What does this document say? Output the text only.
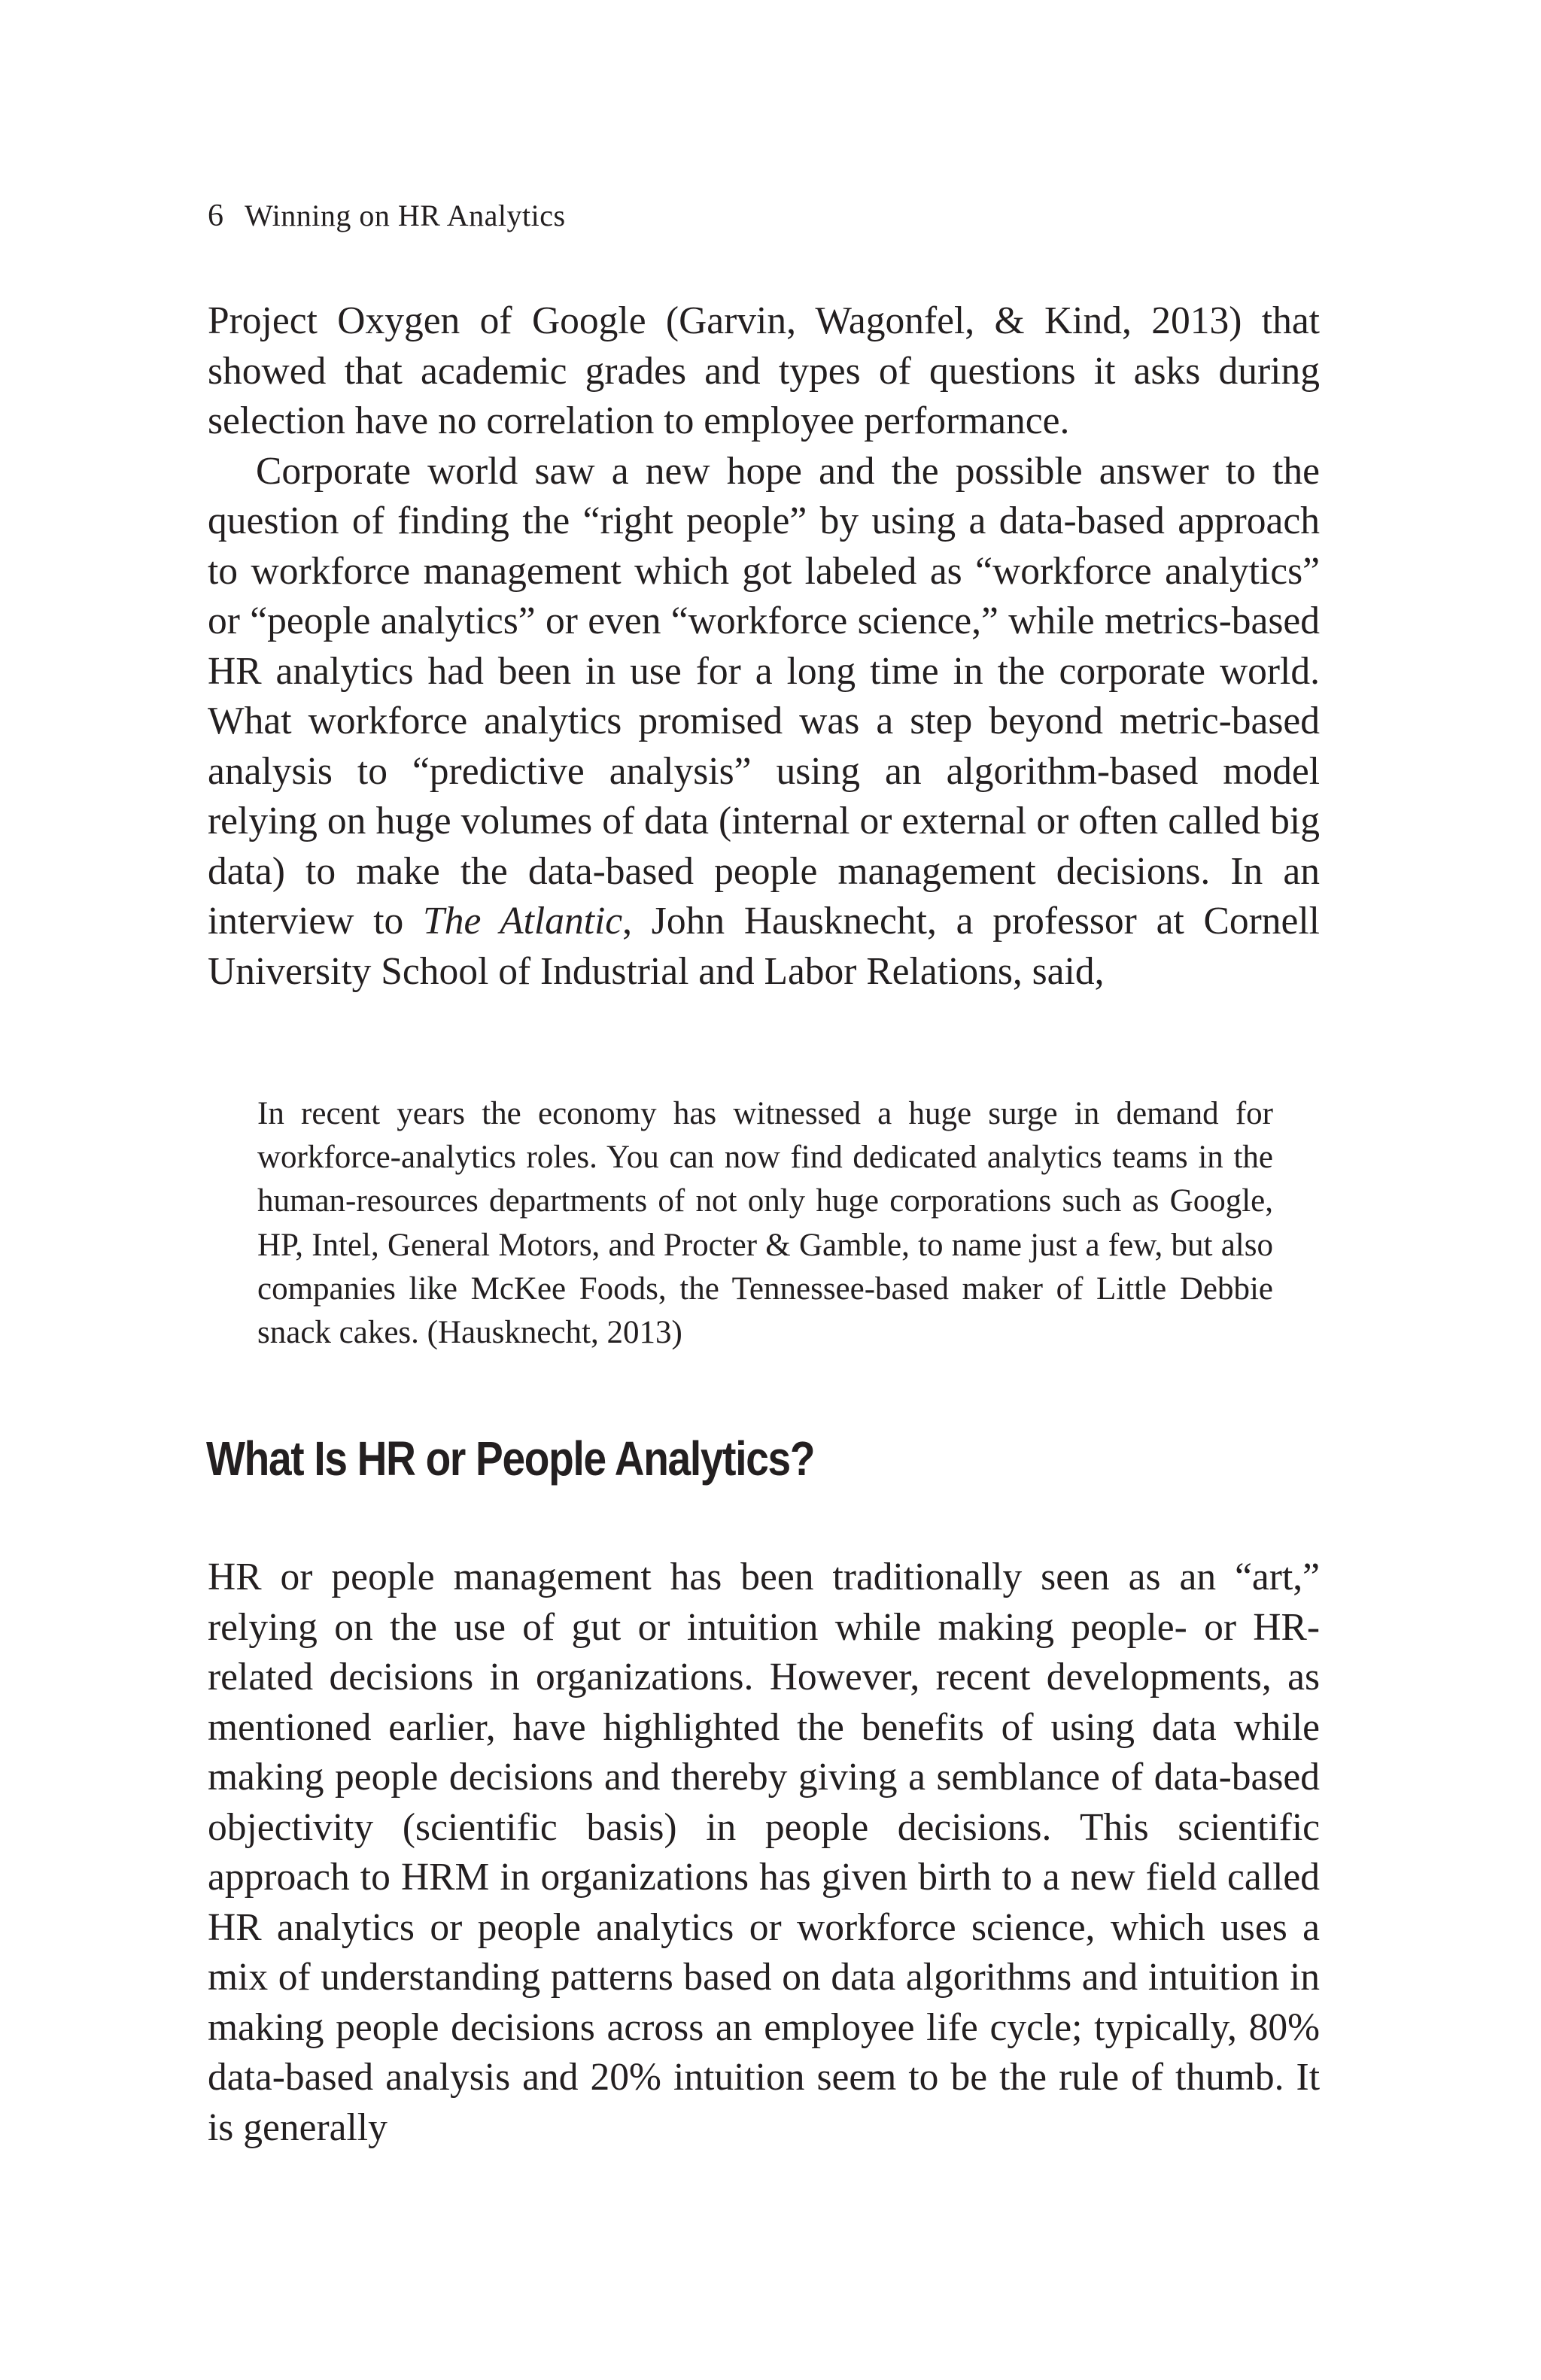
6 Winning on HR Analytics

Project Oxygen of Google (Garvin, Wagonfel, & Kind, 2013) that showed that academic grades and types of questions it asks during selection have no correlation to employee performance.

Corporate world saw a new hope and the possible answer to the question of finding the “right people” by using a data-based approach to workforce management which got labeled as “workforce analytics” or “people analytics” or even “workforce science,” while metrics-based HR analytics had been in use for a long time in the corporate world. What workforce analytics promised was a step beyond metric-based analysis to “predictive analysis” using an algorithm-based model relying on huge volumes of data (internal or external or often called big data) to make the data-based people management decisions. In an interview to The Atlantic, John Hausknecht, a professor at Cornell University School of Industrial and Labor Relations, said,

In recent years the economy has witnessed a huge surge in demand for workforce-analytics roles. You can now find dedicated analytics teams in the human-resources departments of not only huge corporations such as Google, HP, Intel, General Motors, and Procter & Gamble, to name just a few, but also companies like McKee Foods, the Tennessee-based maker of Little Debbie snack cakes. (Hausknecht, 2013)
What Is HR or People Analytics?

HR or people management has been traditionally seen as an “art,” relying on the use of gut or intuition while making people- or HR-related decisions in organizations. However, recent developments, as mentioned earlier, have highlighted the benefits of using data while making people decisions and thereby giving a semblance of data-based objectivity (scientific basis) in people decisions. This scientific approach to HRM in organizations has given birth to a new field called HR analytics or people analytics or workforce science, which uses a mix of understanding patterns based on data algorithms and intuition in making people decisions across an employee life cycle; typically, 80% data-based analysis and 20% intuition seem to be the rule of thumb. It is generally
